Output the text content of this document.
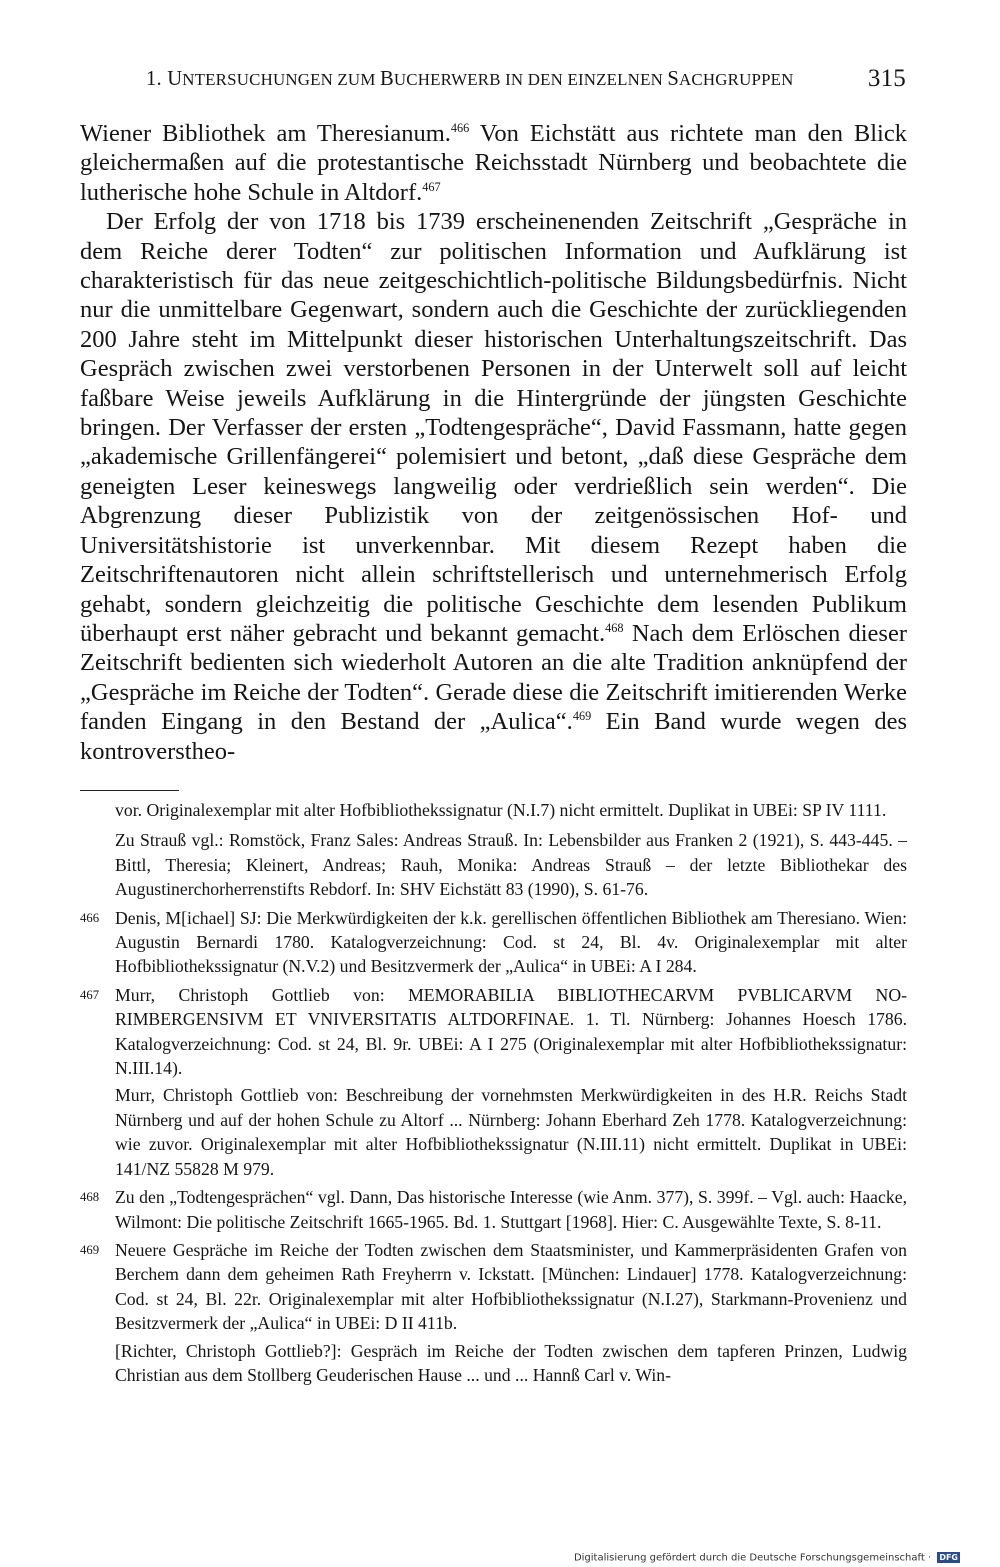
1. UNTERSUCHUNGEN ZUM BUCHERWERB IN DEN EINZELNEN SACHGRUPPEN	315

Wiener Bibliothek am Theresianum.$^{466}$ Von Eichstätt aus richtete man den Blick gleichermaßen auf die protestantische Reichsstadt Nürnberg und beobachtete die lutherische hohe Schule in Altdorf.$^{467}$

Der Erfolg der von 1718 bis 1739 erscheinenenden Zeitschrift „Gespräche in dem Reiche derer Todten“ zur politischen Information und Aufklärung ist charakteristisch für das neue zeitgeschichtlich-politische Bildungsbedürfnis. Nicht nur die unmittelbare Gegenwart, sondern auch die Geschichte der zurückliegenden 200 Jahre steht im Mittelpunkt dieser historischen Unterhaltungszeitschrift. Das Gespräch zwischen zwei verstorbenen Personen in der Unterwelt soll auf leicht faßbare Weise jeweils Aufklärung in die Hintergründe der jüngsten Geschichte bringen. Der Verfasser der ersten „Todtengespräche“, David Fassmann, hatte gegen „akademische Grillenfängerei“ polemisiert und betont, „daß diese Gespräche dem geneigten Leser keineswegs langweilig oder verdrießlich sein werden“. Die Abgrenzung dieser Publizistik von der zeitgenössischen Hof- und Universitätshistorie ist unverkennbar. Mit diesem Rezept haben die Zeitschriftenautoren nicht allein schriftstellerisch und unternehmerisch Erfolg gehabt, sondern gleichzeitig die politische Geschichte dem lesenden Publikum überhaupt erst näher gebracht und bekannt gemacht.$^{468}$ Nach dem Erlöschen dieser Zeitschrift bedienten sich wiederholt Autoren an die alte Tradition anknüpfend der „Gespräche im Reiche der Todten“. Gerade diese die Zeitschrift imitierenden Werke fanden Eingang in den Bestand der „Aulica“.$^{469}$ Ein Band wurde wegen des kontroverstheo-

vor. Originalexemplar mit alter Hofbibliothekssignatur (N.I.7) nicht ermittelt. Duplikat in UBEi: SP IV 1111.

Zu Strauß vgl.: Romstöck, Franz Sales: Andreas Strauß. In: Lebensbilder aus Franken 2 (1921), S. 443-445. – Bittl, Theresia; Kleinert, Andreas; Rauh, Monika: Andreas Strauß – der letzte Bibliothekar des Augustinerchorherrenstifts Rebdorf. In: SHV Eichstätt 83 (1990), S. 61-76.

466 Denis, M[ichael] SJ: Die Merkwürdigkeiten der k.k. gerellischen öffentlichen Bibliothek am Theresiano. Wien: Augustin Bernardi 1780. Katalogverzeichnung: Cod. st 24, Bl. 4v. Originalexemplar mit alter Hofbibliothekssignatur (N.V.2) und Besitzvermerk der „Aulica“ in UBEi: A I 284.

467 Murr, Christoph Gottlieb von: MEMORABILIA BIBLIOTHECARVM PVBLICARVM NORIMBERGENSIVM ET VNIVERSITATIS ALTDORFINAE. 1. Tl. Nürnberg: Johannes Hoesch 1786. Katalogverzeichnung: Cod. st 24, Bl. 9r. UBEi: A I 275 (Originalexemplar mit alter Hofbibliothekssignatur: N.III.14).

Murr, Christoph Gottlieb von: Beschreibung der vornehmsten Merkwürdigkeiten in des H.R. Reichs Stadt Nürnberg und auf der hohen Schule zu Altorf ... Nürnberg: Johann Eberhard Zeh 1778. Katalogverzeichnung: wie zuvor. Originalexemplar mit alter Hofbibliothekssignatur (N.III.11) nicht ermittelt. Duplikat in UBEi: 141/NZ 55828 M 979.

468 Zu den „Todtengesprächen“ vgl. Dann, Das historische Interesse (wie Anm. 377), S. 399f. – Vgl. auch: Haacke, Wilmont: Die politische Zeitschrift 1665-1965. Bd. 1. Stuttgart [1968]. Hier: C. Ausgewählte Texte, S. 8-11.

469 Neuere Gespräche im Reiche der Todten zwischen dem Staatsminister, und Kammerpräsidenten Grafen von Berchem dann dem geheimen Rath Freyherrn v. Ickstatt. [München: Lindauer] 1778. Katalogverzeichnung: Cod. st 24, Bl. 22r. Originalexemplar mit alter Hofbibliothekssignatur (N.I.27), Starkmann-Provenienz und Besitzvermerk der „Aulica“ in UBEi: D II 411b.

[Richter, Christoph Gottlieb?]: Gespräch im Reiche der Todten zwischen dem tapferen Prinzen, Ludwig Christian aus dem Stollberg Geuderischen Hause ... und ... Hannß Carl v. Win-

Digitalisierung gefördert durch die Deutsche Forschungsgemeinschaft · DFG
